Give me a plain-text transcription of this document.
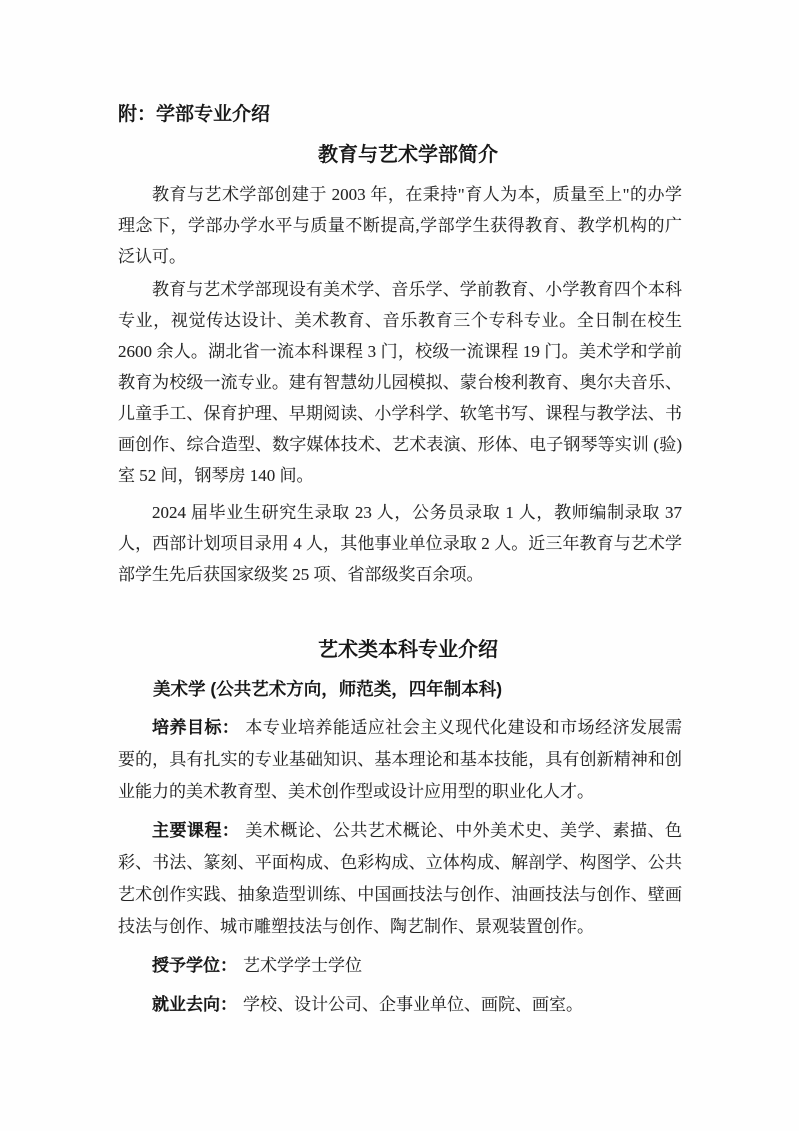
附：学部专业介绍
教育与艺术学部简介

教育与艺术学部创建于 2003 年，在秉持"育人为本，质量至上"的办学理念下，学部办学水平与质量不断提高,学部学生获得教育、教学机构的广泛认可。

教育与艺术学部现设有美术学、音乐学、学前教育、小学教育四个本科专业，视觉传达设计、美术教育、音乐教育三个专科专业。全日制在校生 2600 余人。湖北省一流本科课程 3 门，校级一流课程 19 门。美术学和学前教育为校级一流专业。建有智慧幼儿园模拟、蒙台梭利教育、奥尔夫音乐、儿童手工、保育护理、早期阅读、小学科学、软笔书写、课程与教学法、书画创作、综合造型、数字媒体技术、艺术表演、形体、电子钢琴等实训 (验)室 52 间，钢琴房 140 间。

2024 届毕业生研究生录取 23 人，公务员录取 1 人，教师编制录取 37 人，西部计划项目录用 4 人，其他事业单位录取 2 人。近三年教育与艺术学部学生先后获国家级奖 25 项、省部级奖百余项。

艺术类本科专业介绍
美术学 (公共艺术方向，师范类，四年制本科)

培养目标： 本专业培养能适应社会主义现代化建设和市场经济发展需要的，具有扎实的专业基础知识、基本理论和基本技能，具有创新精神和创业能力的美术教育型、美术创作型或设计应用型的职业化人才。

主要课程： 美术概论、公共艺术概论、中外美术史、美学、素描、色彩、书法、篆刻、平面构成、色彩构成、立体构成、解剖学、构图学、公共艺术创作实践、抽象造型训练、中国画技法与创作、油画技法与创作、壁画技法与创作、城市雕塑技法与创作、陶艺制作、景观装置创作。

授予学位： 艺术学学士学位

就业去向： 学校、设计公司、企事业单位、画院、画室。
